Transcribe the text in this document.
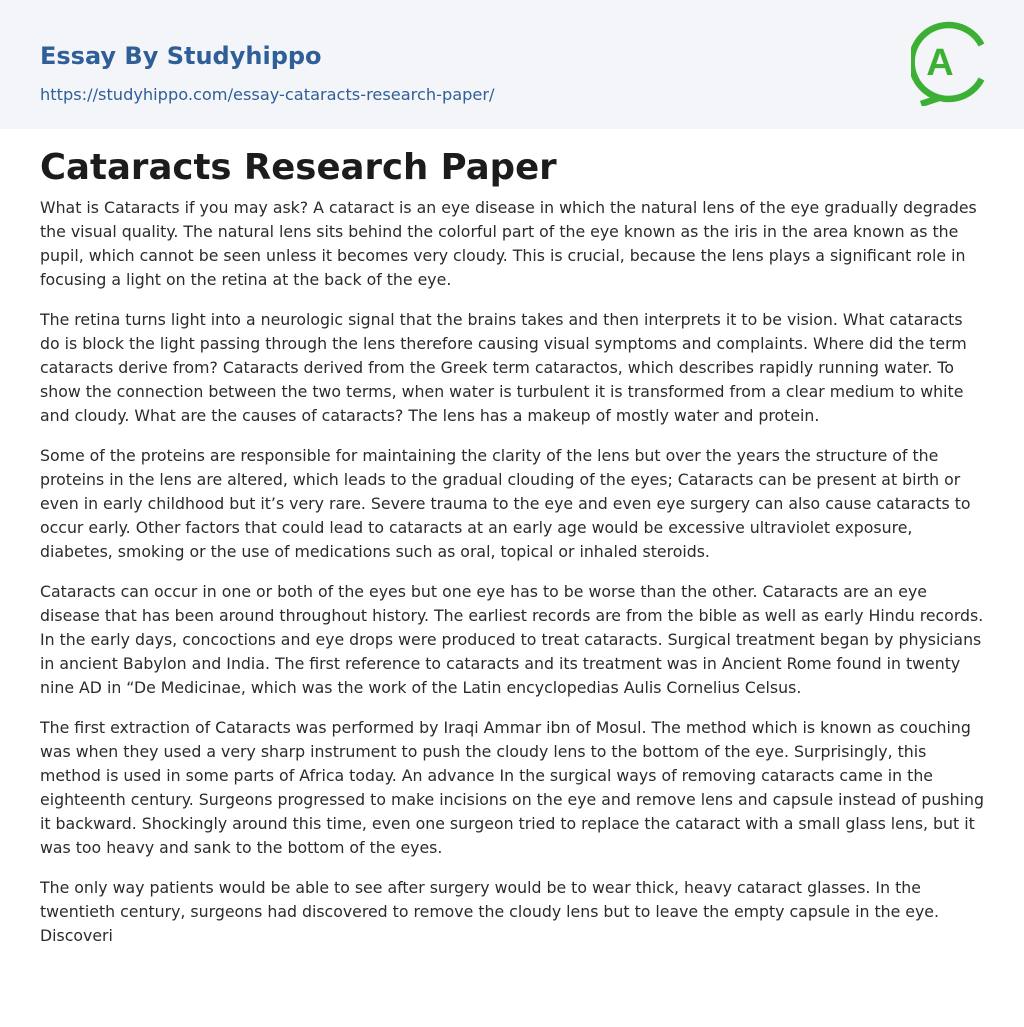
Essay By Studyhippo
https://studyhippo.com/essay-cataracts-research-paper/
A
Cataracts Research Paper

What is Cataracts if you may ask? A cataract is an eye disease in which the natural lens of the eye gradually degrades the visual quality. The natural lens sits behind the colorful part of the eye known as the iris in the area known as the pupil, which cannot be seen unless it becomes very cloudy. This is crucial, because the lens plays a significant role in focusing a light on the retina at the back of the eye.

The retina turns light into a neurologic signal that the brains takes and then interprets it to be vision. What cataracts do is block the light passing through the lens therefore causing visual symptoms and complaints. Where did the term cataracts derive from? Cataracts derived from the Greek term cataractos, which describes rapidly running water. To show the connection between the two terms, when water is turbulent it is transformed from a clear medium to white and cloudy. What are the causes of cataracts? The lens has a makeup of mostly water and protein.

Some of the proteins are responsible for maintaining the clarity of the lens but over the years the structure of the proteins in the lens are altered, which leads to the gradual clouding of the eyes; Cataracts can be present at birth or even in early childhood but it’s very rare. Severe trauma to the eye and even eye surgery can also cause cataracts to occur early. Other factors that could lead to cataracts at an early age would be excessive ultraviolet exposure, diabetes, smoking or the use of medications such as oral, topical or inhaled steroids.

Cataracts can occur in one or both of the eyes but one eye has to be worse than the other. Cataracts are an eye disease that has been around throughout history. The earliest records are from the bible as well as early Hindu records. In the early days, concoctions and eye drops were produced to treat cataracts. Surgical treatment began by physicians in ancient Babylon and India. The first reference to cataracts and its treatment was in Ancient Rome found in twenty nine AD in “De Medicinae, which was the work of the Latin encyclopedias Aulis Cornelius Celsus.

The first extraction of Cataracts was performed by Iraqi Ammar ibn of Mosul. The method which is known as couching was when they used a very sharp instrument to push the cloudy lens to the bottom of the eye. Surprisingly, this method is used in some parts of Africa today. An advance In the surgical ways of removing cataracts came in the eighteenth century. Surgeons progressed to make incisions on the eye and remove lens and capsule instead of pushing it backward. Shockingly around this time, even one surgeon tried to replace the cataract with a small glass lens, but it was too heavy and sank to the bottom of the eyes.

The only way patients would be able to see after surgery would be to wear thick, heavy cataract glasses. In the twentieth century, surgeons had discovered to remove the cloudy lens but to leave the empty capsule in the eye. Discoveri
